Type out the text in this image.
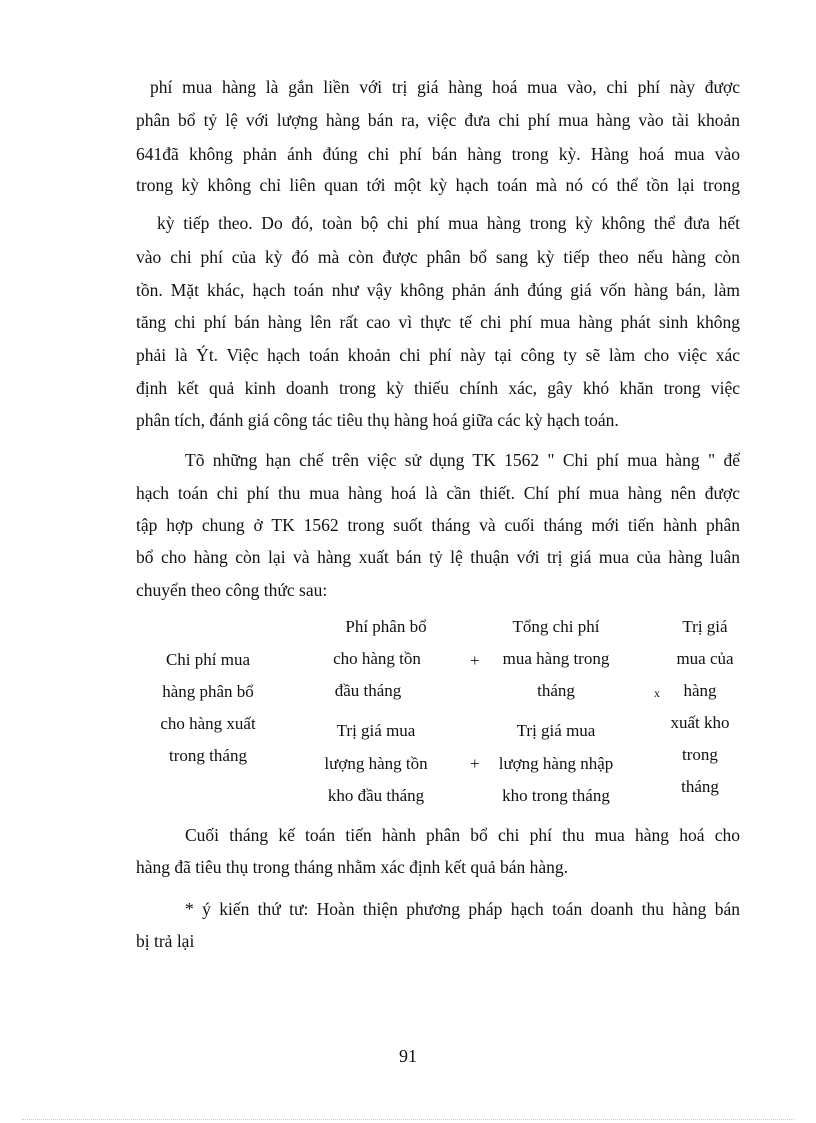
phí mua hàng là gắn liền với trị giá hàng hoá mua vào, chi phí này được
phân bổ tỷ lệ với lượng hàng bán ra, việc đưa chi phí mua hàng vào tài khoản
641đã không phản ánh đúng chi phí bán hàng trong kỳ. Hàng hoá mua vào
trong kỳ không chỉ liên quan tới một kỳ hạch toán mà nó có thể tồn lại trong
kỳ tiếp theo. Do đó, toàn bộ chi phí mua hàng trong kỳ không thể đưa hết
vào chi phí của kỳ đó mà còn được phân bổ sang kỳ tiếp theo nếu hàng còn
tồn. Mặt khác, hạch toán như vậy không phản ánh đúng giá vốn hàng bán, làm
tăng chi phí bán hàng lên rất cao vì thực tế chi phí mua hàng phát sinh không
phải là Ýt. Việc hạch toán khoản chi phí này tại công ty sẽ làm cho việc xác
định kết quả kinh doanh trong kỳ thiếu chính xác, gây khó khăn trong việc
phân tích, đánh giá công tác tiêu thụ hàng hoá giữa các kỳ hạch toán.
Tõ những hạn chế trên việc sử dụng TK 1562 " Chi phí mua hàng " để
hạch toán chi phí thu mua hàng hoá là cần thiết. Chí phí mua hàng nên được
tập hợp chung ở TK 1562 trong suốt tháng và cuối tháng mới tiến hành phân
bổ cho hàng còn lại và hàng xuất bán tỷ lệ thuận với trị giá mua của hàng luân
chuyển theo công thức sau:
Chi phí mua
hàng phân bổ
cho hàng xuất
trong tháng
Phí phân bổ
cho hàng tồn
đầu tháng
+
Tổng chi phí
mua hàng trong
tháng
Trị giá mua
lượng hàng tồn
kho đầu tháng
+
Trị giá mua
lượng hàng nhập
kho trong tháng
x
Trị giá
mua của
hàng
xuất kho
trong
tháng
Cuối tháng kế toán tiến hành phân bổ chi phí thu mua hàng hoá cho
hàng đã tiêu thụ trong tháng nhằm xác định kết quả bán hàng.
* ý kiến thứ tư: Hoàn thiện phương pháp hạch toán doanh thu hàng bán
bị trả lại
91
